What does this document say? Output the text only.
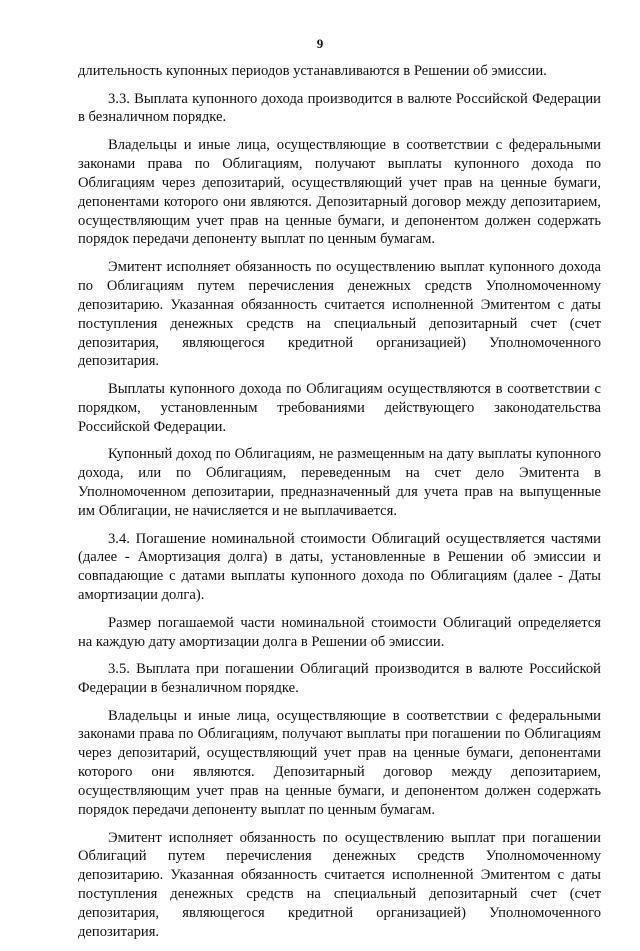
9

длительность купонных периодов устанавливаются в Решении об эмиссии.

3.3. Выплата купонного дохода производится в валюте Российской Федерации в безналичном порядке.

Владельцы и иные лица, осуществляющие в соответствии с федеральными законами права по Облигациям, получают выплаты купонного дохода по Облигациям через депозитарий, осуществляющий учет прав на ценные бумаги, депонентами которого они являются. Депозитарный договор между депозитарием, осуществляющим учет прав на ценные бумаги, и депонентом должен содержать порядок передачи депоненту выплат по ценным бумагам.

Эмитент исполняет обязанность по осуществлению выплат купонного дохода по Облигациям путем перечисления денежных средств Уполномоченному депозитарию. Указанная обязанность считается исполненной Эмитентом с даты поступления денежных средств на специальный депозитарный счет (счет депозитария, являющегося кредитной организацией) Уполномоченного депозитария.

Выплаты купонного дохода по Облигациям осуществляются в соответствии с порядком, установленным требованиями действующего законодательства Российской Федерации.

Купонный доход по Облигациям, не размещенным на дату выплаты купонного дохода, или по Облигациям, переведенным на счет дело Эмитента в Уполномоченном депозитарии, предназначенный для учета прав на выпущенные им Облигации, не начисляется и не выплачивается.

3.4. Погашение номинальной стоимости Облигаций осуществляется частями (далее - Амортизация долга) в даты, установленные в Решении об эмиссии и совпадающие с датами выплаты купонного дохода по Облигациям (далее - Даты амортизации долга).

Размер погашаемой части номинальной стоимости Облигаций определяется на каждую дату амортизации долга в Решении об эмиссии.

3.5. Выплата при погашении Облигаций производится в валюте Российской Федерации в безналичном порядке.

Владельцы и иные лица, осуществляющие в соответствии с федеральными законами права по Облигациям, получают выплаты при погашении по Облигациям через депозитарий, осуществляющий учет прав на ценные бумаги, депонентами которого они являются. Депозитарный договор между депозитарием, осуществляющим учет прав на ценные бумаги, и депонентом должен содержать порядок передачи депоненту выплат по ценным бумагам.

Эмитент исполняет обязанность по осуществлению выплат при погашении Облигаций путем перечисления денежных средств Уполномоченному депозитарию. Указанная обязанность считается исполненной Эмитентом с даты поступления денежных средств на специальный депозитарный счет (счет депозитария, являющегося кредитной организацией) Уполномоченного депозитария.
